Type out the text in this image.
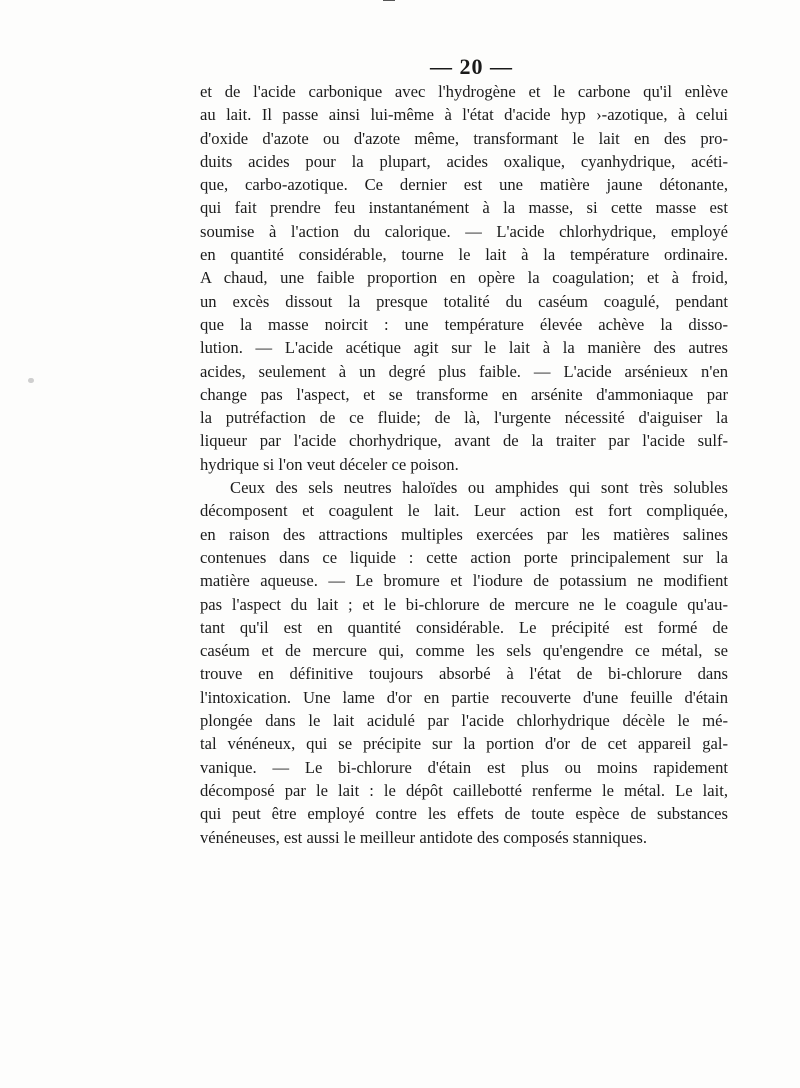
— 20 —
et de l'acide carbonique avec l'hydrogène et le carbone qu'il enlève
au lait. Il passe ainsi lui-même à l'état d'acide hyp ›-azotique, à celui
d'oxide d'azote ou d'azote même, transformant le lait en des pro-
duits acides pour la plupart, acides oxalique, cyanhydrique, acéti-
que, carbo-azotique. Ce dernier est une matière jaune détonante,
qui fait prendre feu instantanément à la masse, si cette masse est
soumise à l'action du calorique. — L'acide chlorhydrique, employé
en quantité considérable, tourne le lait à la température ordinaire.
A chaud, une faible proportion en opère la coagulation; et à froid,
un excès dissout la presque totalité du caséum coagulé, pendant
que la masse noircit : une température élevée achève la disso-
lution. — L'acide acétique agit sur le lait à la manière des autres
acides, seulement à un degré plus faible. — L'acide arsénieux n'en
change pas l'aspect, et se transforme en arsénite d'ammoniaque par
la putréfaction de ce fluide; de là, l'urgente nécessité d'aiguiser la
liqueur par l'acide chorhydrique, avant de la traiter par l'acide sulf-
hydrique si l'on veut déceler ce poison.
Ceux des sels neutres haloïdes ou amphides qui sont très solubles
décomposent et coagulent le lait. Leur action est fort compliquée,
en raison des attractions multiples exercées par les matières salines
contenues dans ce liquide : cette action porte principalement sur la
matière aqueuse. — Le bromure et l'iodure de potassium ne modifient
pas l'aspect du lait ; et le bi-chlorure de mercure ne le coagule qu'au-
tant qu'il est en quantité considérable. Le précipité est formé de
caséum et de mercure qui, comme les sels qu'engendre ce métal, se
trouve en définitive toujours absorbé à l'état de bi-chlorure dans
l'intoxication. Une lame d'or en partie recouverte d'une feuille d'étain
plongée dans le lait acidulé par l'acide chlorhydrique décèle le mé-
tal vénéneux, qui se précipite sur la portion d'or de cet appareil gal-
vanique. — Le bi-chlorure d'étain est plus ou moins rapidement
décomposé par le lait : le dépôt caillebotté renferme le métal. Le lait,
qui peut être employé contre les effets de toute espèce de substances
vénéneuses, est aussi le meilleur antidote des composés stanniques.
